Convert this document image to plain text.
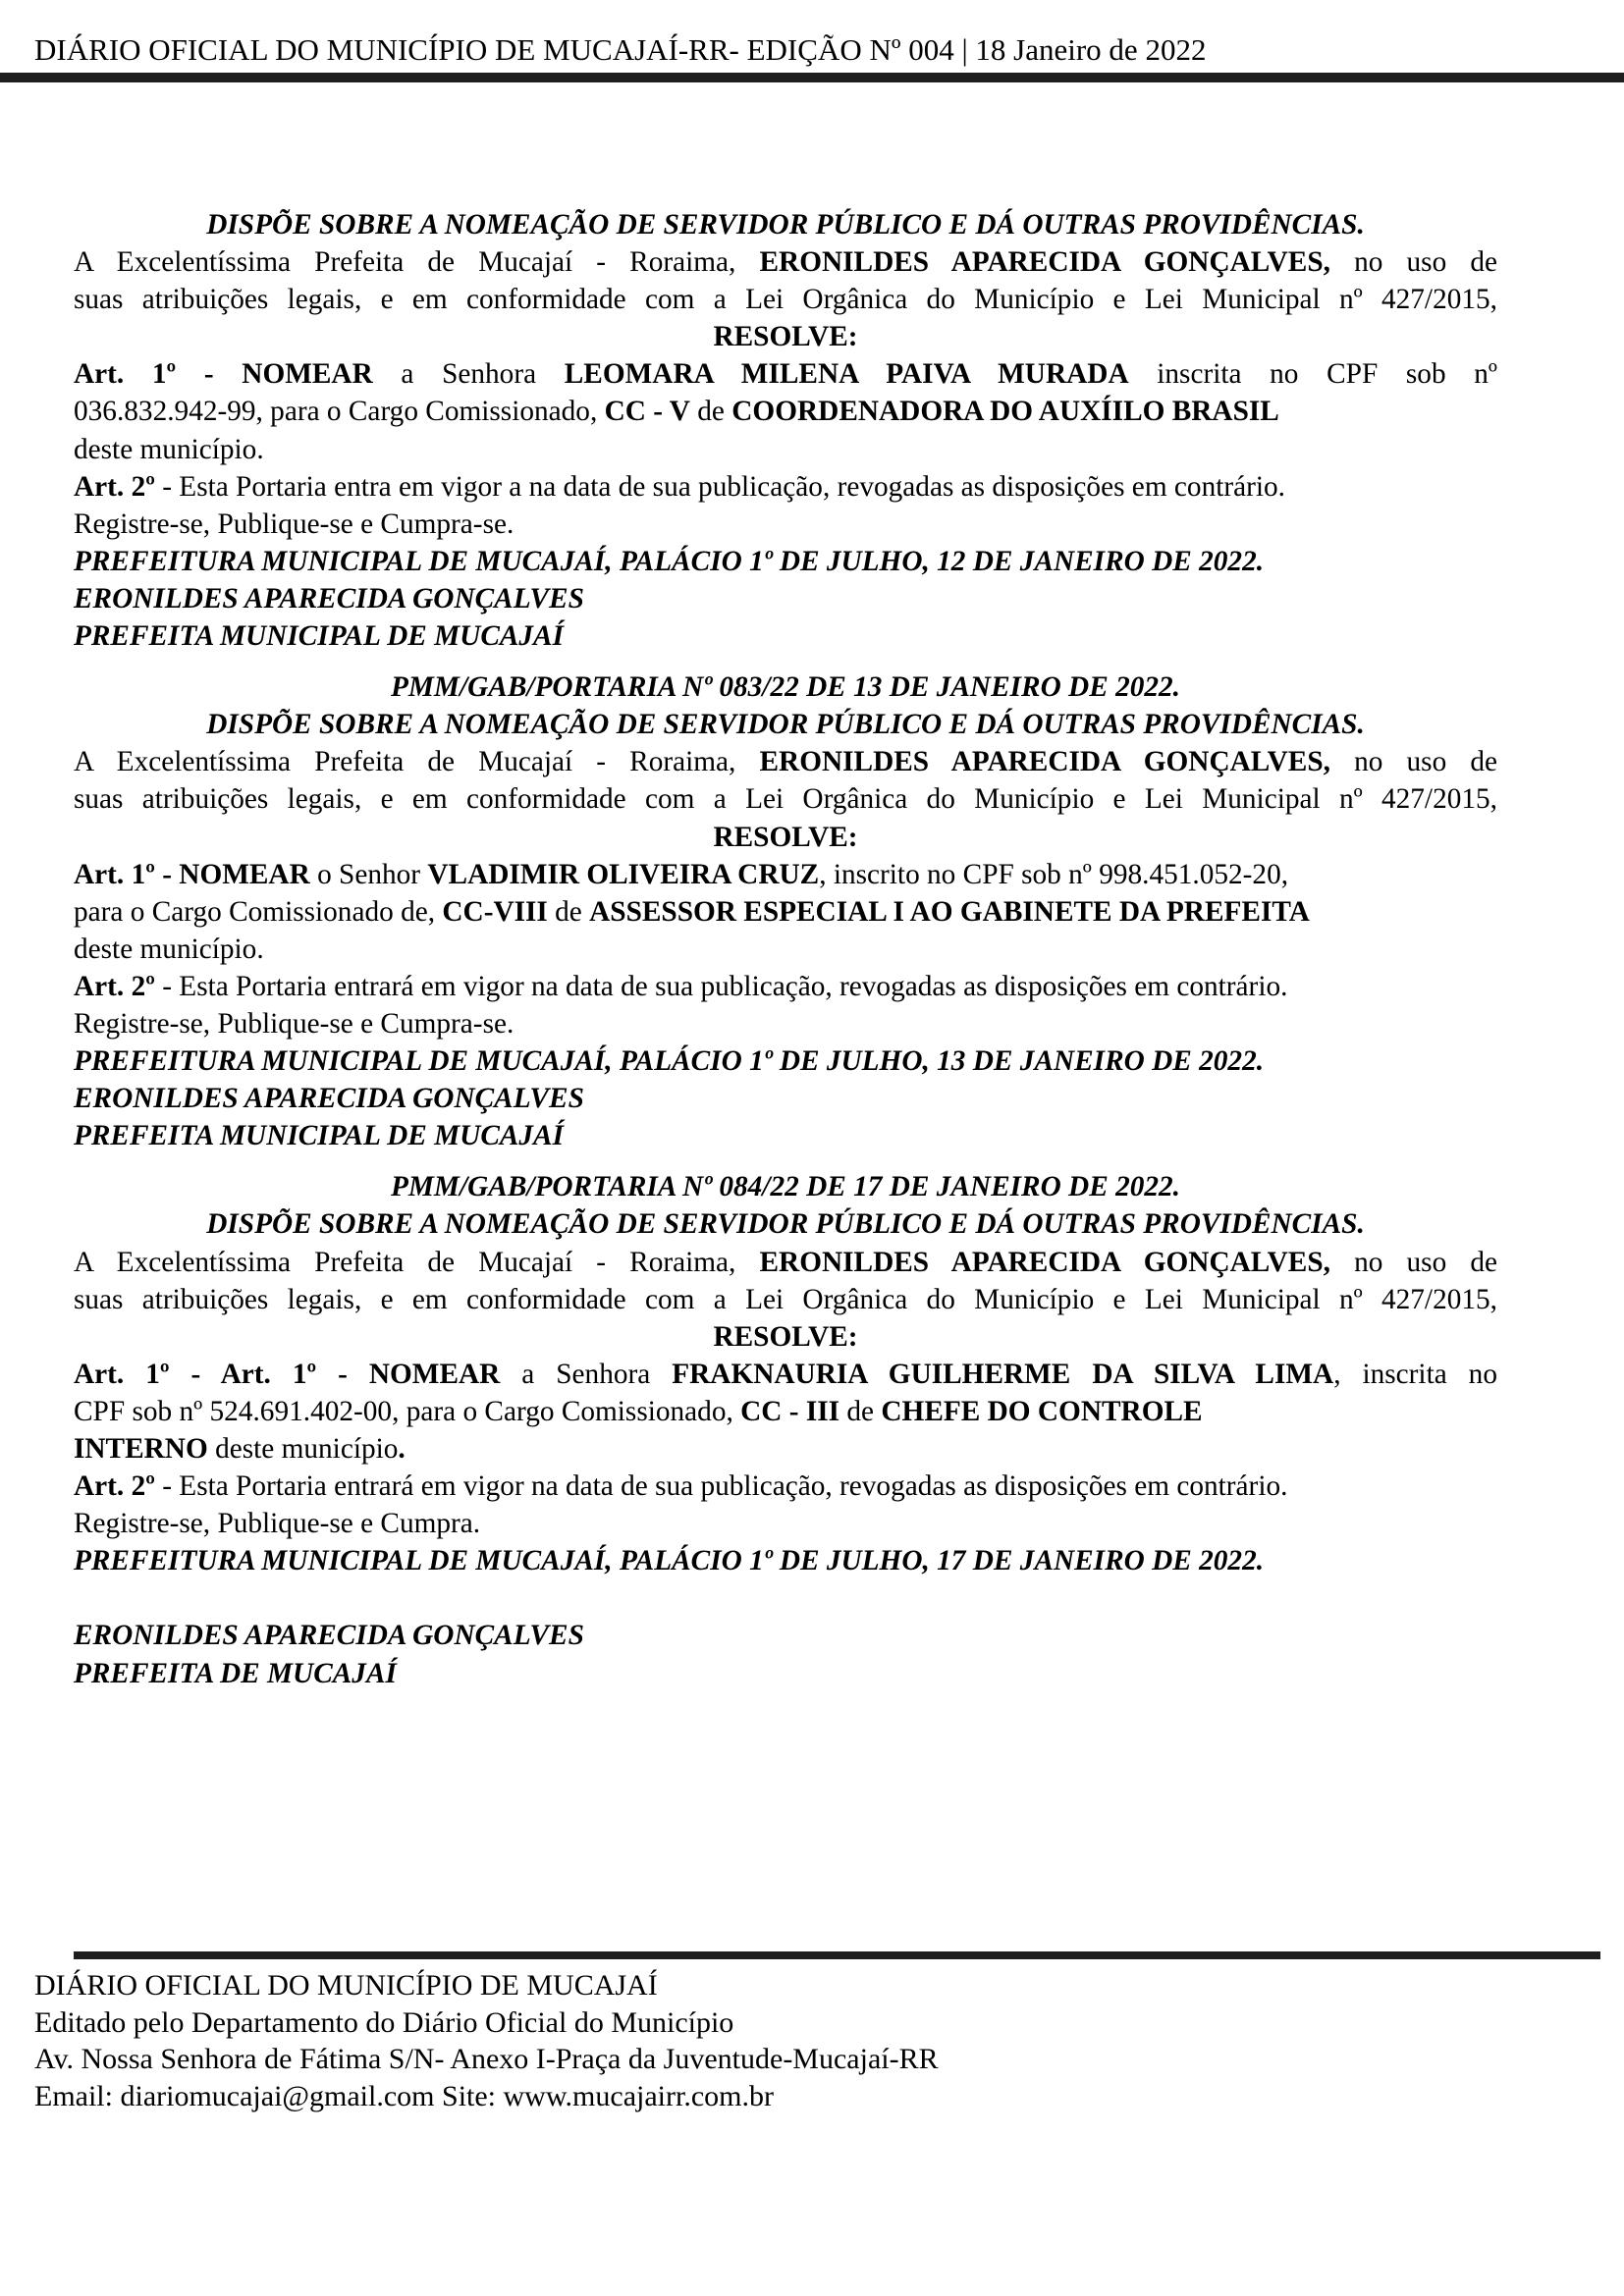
DIÁRIO OFICIAL DO MUNICÍPIO DE MUCAJAÍ-RR- EDIÇÃO Nº 004 | 18 Janeiro de 2022
DISPÕE SOBRE A NOMEAÇÃO DE SERVIDOR PÚBLICO E DÁ OUTRAS PROVIDÊNCIAS.
A Excelentíssima Prefeita de Mucajaí - Roraima, ERONILDES APARECIDA GONÇALVES, no uso de
suas atribuições legais, e em conformidade com a Lei Orgânica do Município e Lei Municipal nº 427/2015,
RESOLVE:
Art. 1º - NOMEAR a Senhora LEOMARA MILENA PAIVA MURADA inscrita no CPF sob nº
036.832.942-99, para o Cargo Comissionado, CC - V de COORDENADORA DO AUXÍILO BRASIL
deste município.
Art. 2º - Esta Portaria entra em vigor a na data de sua publicação, revogadas as disposições em contrário.
Registre-se, Publique-se e Cumpra-se.
PREFEITURA MUNICIPAL DE MUCAJAÍ, PALÁCIO 1º DE JULHO, 12 DE JANEIRO DE 2022.
ERONILDES APARECIDA GONÇALVES
PREFEITA MUNICIPAL DE MUCAJAÍ
PMM/GAB/PORTARIA Nº 083/22 DE 13 DE JANEIRO DE 2022.
DISPÕE SOBRE A NOMEAÇÃO DE SERVIDOR PÚBLICO E DÁ OUTRAS PROVIDÊNCIAS.
A Excelentíssima Prefeita de Mucajaí - Roraima, ERONILDES APARECIDA GONÇALVES, no uso de
suas atribuições legais, e em conformidade com a Lei Orgânica do Município e Lei Municipal nº 427/2015,
RESOLVE:
Art. 1º - NOMEAR o Senhor VLADIMIR OLIVEIRA CRUZ, inscrito no CPF sob nº 998.451.052-20,
para o Cargo Comissionado de, CC-VIII de ASSESSOR ESPECIAL I AO GABINETE DA PREFEITA
deste município.
Art. 2º - Esta Portaria entrará em vigor na data de sua publicação, revogadas as disposições em contrário.
Registre-se, Publique-se e Cumpra-se.
PREFEITURA MUNICIPAL DE MUCAJAÍ, PALÁCIO 1º DE JULHO, 13 DE JANEIRO DE 2022.
ERONILDES APARECIDA GONÇALVES
PREFEITA MUNICIPAL DE MUCAJAÍ
PMM/GAB/PORTARIA Nº 084/22 DE 17 DE JANEIRO DE 2022.
DISPÕE SOBRE A NOMEAÇÃO DE SERVIDOR PÚBLICO E DÁ OUTRAS PROVIDÊNCIAS.
A Excelentíssima Prefeita de Mucajaí - Roraima, ERONILDES APARECIDA GONÇALVES, no uso de
suas atribuições legais, e em conformidade com a Lei Orgânica do Município e Lei Municipal nº 427/2015,
RESOLVE:
Art. 1º - Art. 1º - NOMEAR a Senhora FRAKNAURIA GUILHERME DA SILVA LIMA, inscrita no
CPF sob nº 524.691.402-00, para o Cargo Comissionado, CC - III de CHEFE DO CONTROLE
INTERNO deste município.
Art. 2º - Esta Portaria entrará em vigor na data de sua publicação, revogadas as disposições em contrário.
Registre-se, Publique-se e Cumpra.
PREFEITURA MUNICIPAL DE MUCAJAÍ, PALÁCIO 1º DE JULHO, 17 DE JANEIRO DE 2022.
ERONILDES APARECIDA GONÇALVES
PREFEITA DE MUCAJAÍ
DIÁRIO OFICIAL DO MUNICÍPIO DE MUCAJAÍ
Editado pelo Departamento do Diário Oficial do Município
Av. Nossa Senhora de Fátima S/N- Anexo I-Praça da Juventude-Mucajaí-RR
Email: diariomucajai@gmail.com Site: www.mucajairr.com.br
